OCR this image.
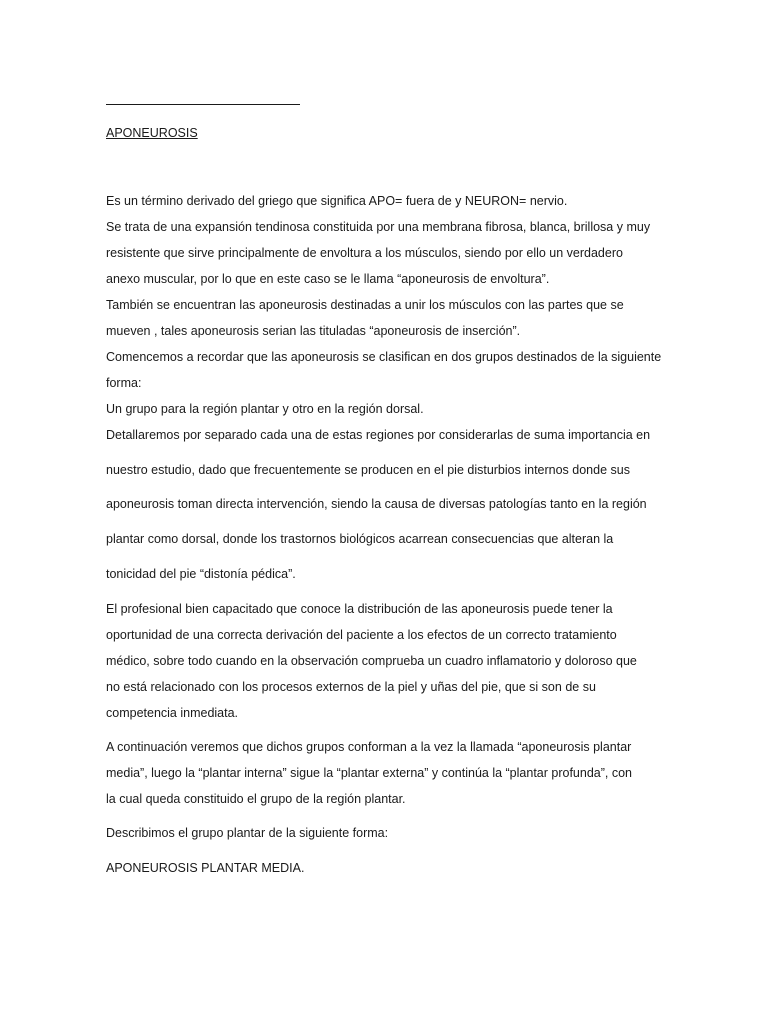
APONEUROSIS
Es un término derivado del griego que significa APO= fuera de y NEURON= nervio.
Se trata de una expansión tendinosa constituida por una membrana fibrosa, blanca, brillosa y muy
resistente que sirve principalmente de envoltura a los músculos, siendo por ello un verdadero
anexo muscular, por lo que en este caso se le llama “aponeurosis de envoltura”.
También se encuentran las aponeurosis destinadas a unir los músculos con las partes que se
mueven , tales aponeurosis serian las tituladas “aponeurosis de inserción”.
Comencemos a recordar que las aponeurosis se clasifican en dos grupos destinados de la siguiente
forma:
Un grupo para la región plantar y otro en la región dorsal.
Detallaremos por separado cada una de estas regiones por considerarlas de suma importancia en
nuestro estudio, dado que frecuentemente se producen en el pie disturbios internos donde sus
aponeurosis toman directa intervención, siendo la causa de diversas patologías tanto en la región
plantar como dorsal, donde los trastornos biológicos acarrean consecuencias que alteran la
tonicidad del pie “distonía pédica”.
El profesional bien capacitado que conoce la distribución de las aponeurosis puede tener la
oportunidad de una correcta derivación del paciente a los efectos de un correcto tratamiento
médico, sobre todo cuando en la observación comprueba un cuadro inflamatorio y doloroso que
no está relacionado con los procesos externos de la piel y uñas del pie, que si son de su
competencia inmediata.
A continuación veremos que dichos grupos conforman a la vez la llamada “aponeurosis plantar
media”, luego la “plantar interna” sigue la “plantar externa” y continúa la “plantar profunda”, con
la cual queda constituido el grupo de la región plantar.
Describimos el grupo plantar de la siguiente forma:
APONEUROSIS PLANTAR MEDIA.
